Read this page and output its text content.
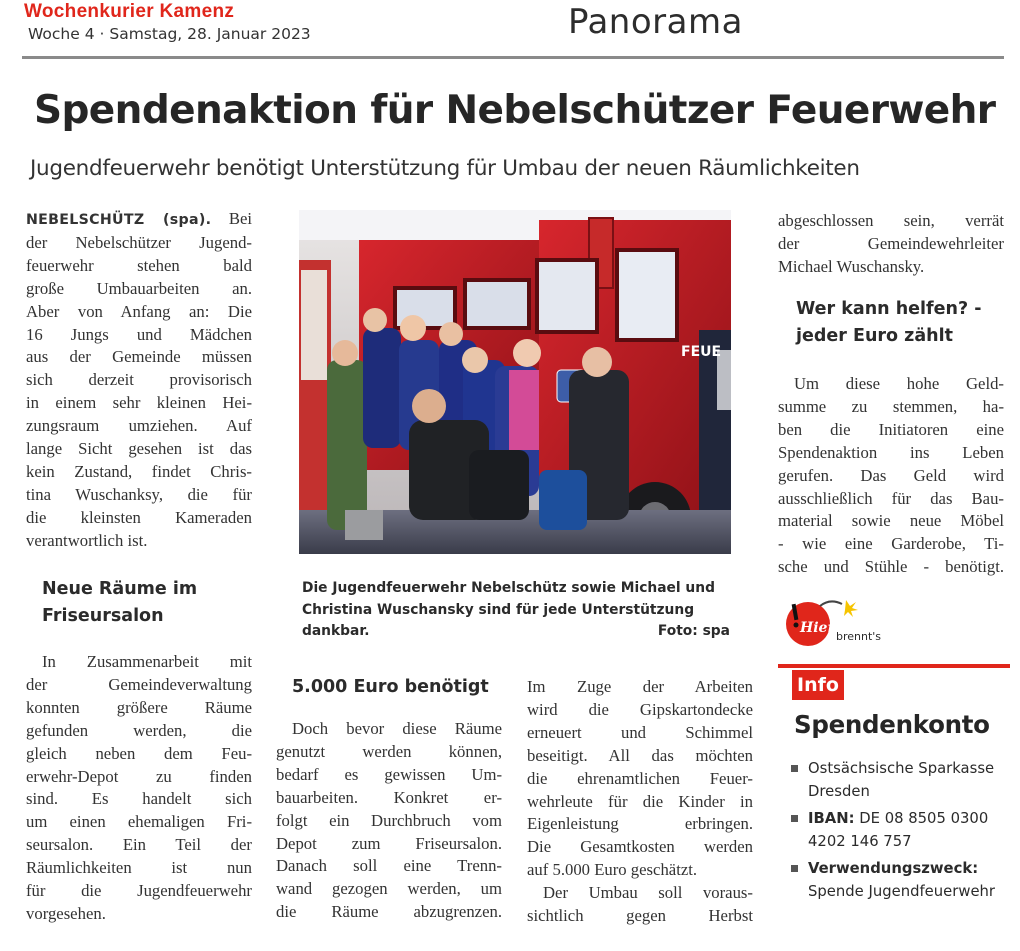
Wochenkurier Kamenz
Woche 4 · Samstag, 28. Januar 2023	Panorama
Spendenaktion für Nebelschützer Feuerwehr
Jugendfeuerwehr benötigt Unterstützung für Umbau der neuen Räumlichkeiten
NEBELSCHÜTZ (spa). Bei
der Nebelschützer Jugend-
feuerwehr stehen bald
große Umbauarbeiten an.
Aber von Anfang an: Die
16 Jungs und Mädchen
aus der Gemeinde müssen
sich derzeit provisorisch
in einem sehr kleinen Hei-
zungsraum umziehen. Auf
lange Sicht gesehen ist das
kein Zustand, findet Chris-
tina Wuschanksy, die für
die kleinsten Kameraden
verantwortlich ist.
Neue Räume im Friseursalon
In Zusammenarbeit mit
der Gemeindeverwaltung
konnten größere Räume
gefunden werden, die
gleich neben dem Feu-
erwehr-Depot zu finden
sind. Es handelt sich
um einen ehemaligen Fri-
seursalon. Ein Teil der
Räumlichkeiten ist nun
für die Jugendfeuerwehr
vorgesehen.
FEUE
Die Jugendfeuerwehr Nebelschütz sowie Michael und Christina Wuschansky sind für jede Unterstützung dankbar.	Foto: spa
5.000 Euro benötigt
Doch bevor diese Räume
genutzt werden können,
bedarf es gewissen Um-
bauarbeiten. Konkret er-
folgt ein Durchbruch vom
Depot zum Friseursalon.
Danach soll eine Trenn-
wand gezogen werden, um
die Räume abzugrenzen.
Im Zuge der Arbeiten
wird die Gipskartondecke
erneuert und Schimmel
beseitigt. All das möchten
die ehrenamtlichen Feuer-
wehrleute für die Kinder in
Eigenleistung erbringen.
Die Gesamtkosten werden
auf 5.000 Euro geschätzt.
Der Umbau soll voraus-
sichtlich gegen Herbst
abgeschlossen sein, verrät
der Gemeindewehrleiter
Michael Wuschansky.
Wer kann helfen? - jeder Euro zählt
Um diese hohe Geld-
summe zu stemmen, ha-
ben die Initiatoren eine
Spendenaktion ins Leben
gerufen. Das Geld wird
ausschließlich für das Bau-
material sowie neue Möbel
- wie eine Garderobe, Ti-
sche und Stühle - benötigt.
Hier
brennt's
Info
Spendenkonto
Ostsächsische Sparkasse Dresden
IBAN: DE 08 8505 0300 4202 146 757
Verwendungszweck:
Spende Jugendfeuerwehr
